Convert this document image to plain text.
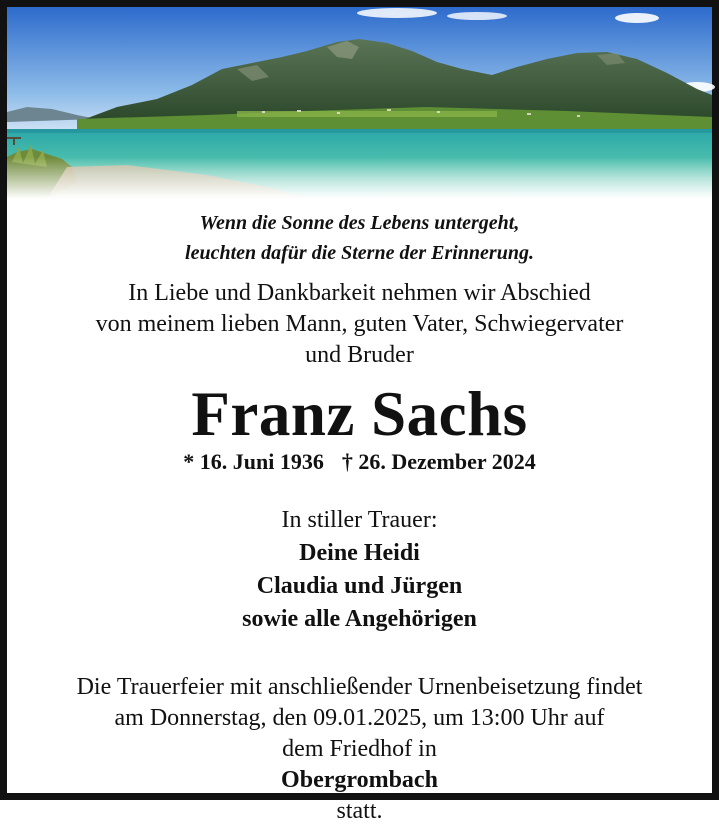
Wenn die Sonne des Lebens untergeht,
leuchten dafür die Sterne der Erinnerung.
In Liebe und Dankbarkeit nehmen wir Abschied
von meinem lieben Mann, guten Vater, Schwiegervater
und Bruder
Franz Sachs
* 16. Juni 1936 † 26. Dezember 2024
In stiller Trauer:
Deine Heidi
Claudia und Jürgen
sowie alle Angehörigen
Die Trauerfeier mit anschließender Urnenbeisetzung findet
am Donnerstag, den 09.01.2025, um 13:00 Uhr auf
dem Friedhof in
Obergrombach
statt.
